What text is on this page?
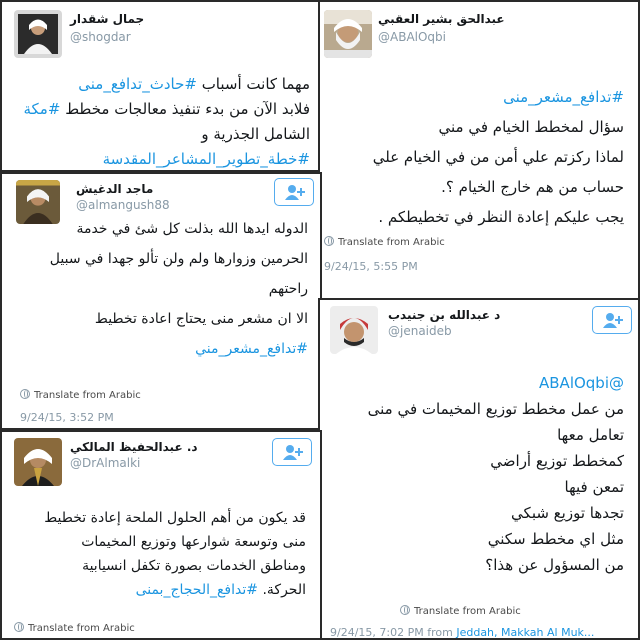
جمال شقدار
@shogdar
مهما كانت أسباب #حادث_تدافع_منى
فلابد الآن من بدء تنفيذ معالجات مخطط #مكة
الشامل الجذرية و
#خطة_تطوير_المشاعر_المقدسة
عبدالحق بشير العقبي
@ABAlOqbi
#تدافع_مشعر_منى
سؤال لمخطط الخيام في مني
لماذا ركزتم علي أمن من في الخيام علي
حساب من هم خارج الخيام ؟.
يجب عليكم إعادة النظر في تخطيطكم .
Translate from Arabic
9/24/15, 5:55 PM
ماجد الدغيش
@almangush88
الدوله ايدها الله بذلت كل شئ في خدمة
الحرمين وزوارها ولم ولن تألو جهدا في سبيل
راحتهم
الا ان مشعر منى يحتاج اعادة تخطيط
#تدافع_مشعر_مني
Translate from Arabic
9/24/15, 3:52 PM
د عبدالله بن جنيدب
@jenaideb
@ABAlOqbi
من عمل مخطط توزيع المخيمات في منى
تعامل معها
كمخطط توزيع أراضي
تمعن فيها
تجدها توزيع شبكي
مثل اي مخطط سكني
من المسؤول عن هذا؟
Translate from Arabic
9/24/15, 7:02 PM from Jeddah, Makkah Al Muk...
د. عبدالحفيظ المالكي
@DrAlmalki
قد يكون من أهم الحلول الملحة إعادة تخطيط
منى وتوسعة شوارعها وتوزيع المخيمات
ومناطق الخدمات بصورة تكفل انسيابية
الحركة. #تدافع_الحجاج_بمنى
Translate from Arabic
